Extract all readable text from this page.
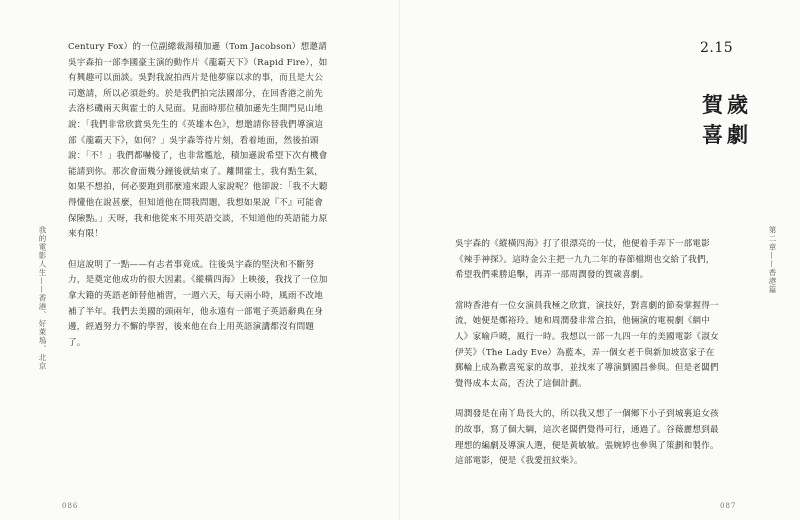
我的電影人生——香港、好萊塢、北京

Century Fox）的一位副總裁湯積加遜（Tom Jacobson）想邀請吳宇森拍一部李國豪主演的動作片《龍霸天下》（Rapid Fire），如有興趣可以面談。吳對我說拍西片是他夢寐以求的事，而且是大公司邀請，所以必須赴約。於是我們拍完法國部分，在回香港之前先去洛杉磯兩天與霍士的人見面。見面時那位積加遜先生開門見山地說：「我們非常欣賞吳先生的《英雄本色》，想邀請你替我們導演這部《龍霸天下》，如何？」吳宇森等待片刻，看着地面，然後拍頭說：「不！」我們都嚇傻了，也非常尷尬，積加遜說希望下次有機會能請到你。那次會面幾分鐘後就結束了。離開霍士，我有點生氣，如果不想拍，何必要跑到那麼遠來跟人家說呢？他卻說：「我不大聽得懂他在說甚麼，但知道他在問我問題，我想如果說『不』可能會保險點。」天呀，我和他從來不用英語交談，不知道他的英語能力原來有限！

但這說明了一點——有志者事竟成。往後吳宇森的堅決和不斷努力，是奠定他成功的很大因素。《縱橫四海》上映後，我找了一位加拿大籍的英語老師替他補習，一週六天，每天兩小時，風雨不改地補了半年。我們去美國的頭兩年，他永遠有一部電子英語辭典在身邊，經過努力不懈的學習，後來他在台上用英語演講都沒有問題了。

086
2.15
賀歲
喜劇

吳宇森的《縱橫四海》打了很漂亮的一仗，他便着手弄下一部電影《辣手神探》。這時金公主把一九九二年的春節檔期也交給了我們，希望我們乘勝追擊，再弄一部周潤發的賀歲喜劇。

當時香港有一位女演員我極之欣賞，演技好，對喜劇的節奏掌握得一流，她便是鄭裕玲。她和周潤發非常合拍，他倆演的電視劇《網中人》家喻戶曉，風行一時。我想以一部一九四一年的美國電影《淑女伊芙》（The Lady Eve）為藍本，弄一個女老千與新加坡富家子在郵輪上成為歡喜冤家的故事，並找來了導演劉國昌參與。但是老闆們覺得成本太高，否決了這個計劃。

周潤發是在南丫島長大的，所以我又想了一個鄉下小子到城裏追女孩的故事，寫了個大綱，這次老闆們覺得可行，通過了。谷薇麗想到最理想的編劇及導演人選，便是黃敏敏。張婉婷也參與了策劃和製作。這部電影，便是《我愛扭紋柴》。

第二章——香港篇
087
